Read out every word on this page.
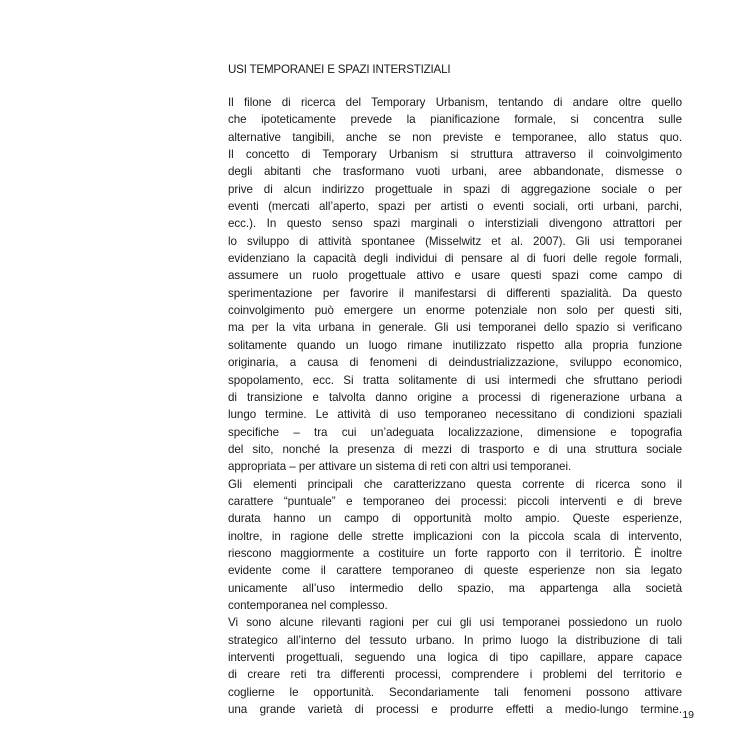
USI TEMPORANEI E SPAZI INTERSTIZIALI
Il filone di ricerca del Temporary Urbanism, tentando di andare oltre quello
che ipoteticamente prevede la pianificazione formale, si concentra sulle
alternative tangibili, anche se non previste e temporanee, allo status quo.
Il concetto di Temporary Urbanism si struttura attraverso il coinvolgimento
degli abitanti che trasformano vuoti urbani, aree abbandonate, dismesse o
prive di alcun indirizzo progettuale in spazi di aggregazione sociale o per
eventi (mercati all’aperto, spazi per artisti o eventi sociali, orti urbani, parchi,
ecc.). In questo senso spazi marginali o interstiziali divengono attrattori per
lo sviluppo di attività spontanee (Misselwitz et al. 2007). Gli usi temporanei
evidenziano la capacità degli individui di pensare al di fuori delle regole formali,
assumere un ruolo progettuale attivo e usare questi spazi come campo di
sperimentazione per favorire il manifestarsi di differenti spazialità. Da questo
coinvolgimento può emergere un enorme potenziale non solo per questi siti,
ma per la vita urbana in generale. Gli usi temporanei dello spazio si verificano
solitamente quando un luogo rimane inutilizzato rispetto alla propria funzione
originaria, a causa di fenomeni di deindustrializzazione, sviluppo economico,
spopolamento, ecc. Si tratta solitamente di usi intermedi che sfruttano periodi
di transizione e talvolta danno origine a processi di rigenerazione urbana a
lungo termine. Le attività di uso temporaneo necessitano di condizioni spaziali
specifiche – tra cui un’adeguata localizzazione, dimensione e topografia
del sito, nonché la presenza di mezzi di trasporto e di una struttura sociale
appropriata – per attivare un sistema di reti con altri usi temporanei.
Gli elementi principali che caratterizzano questa corrente di ricerca sono il
carattere “puntuale” e temporaneo dei processi: piccoli interventi e di breve
durata hanno un campo di opportunità molto ampio. Queste esperienze,
inoltre, in ragione delle strette implicazioni con la piccola scala di intervento,
riescono maggiormente a costituire un forte rapporto con il territorio. È inoltre
evidente come il carattere temporaneo di queste esperienze non sia legato
unicamente all’uso intermedio dello spazio, ma appartenga alla società
contemporanea nel complesso.
Vi sono alcune rilevanti ragioni per cui gli usi temporanei possiedono un ruolo
strategico all’interno del tessuto urbano. In primo luogo la distribuzione di tali
interventi progettuali, seguendo una logica di tipo capillare, appare capace
di creare reti tra differenti processi, comprendere i problemi del territorio e
coglierne le opportunità. Secondariamente tali fenomeni possono attivare
una grande varietà di processi e produrre effetti a medio-lungo termine. 19
